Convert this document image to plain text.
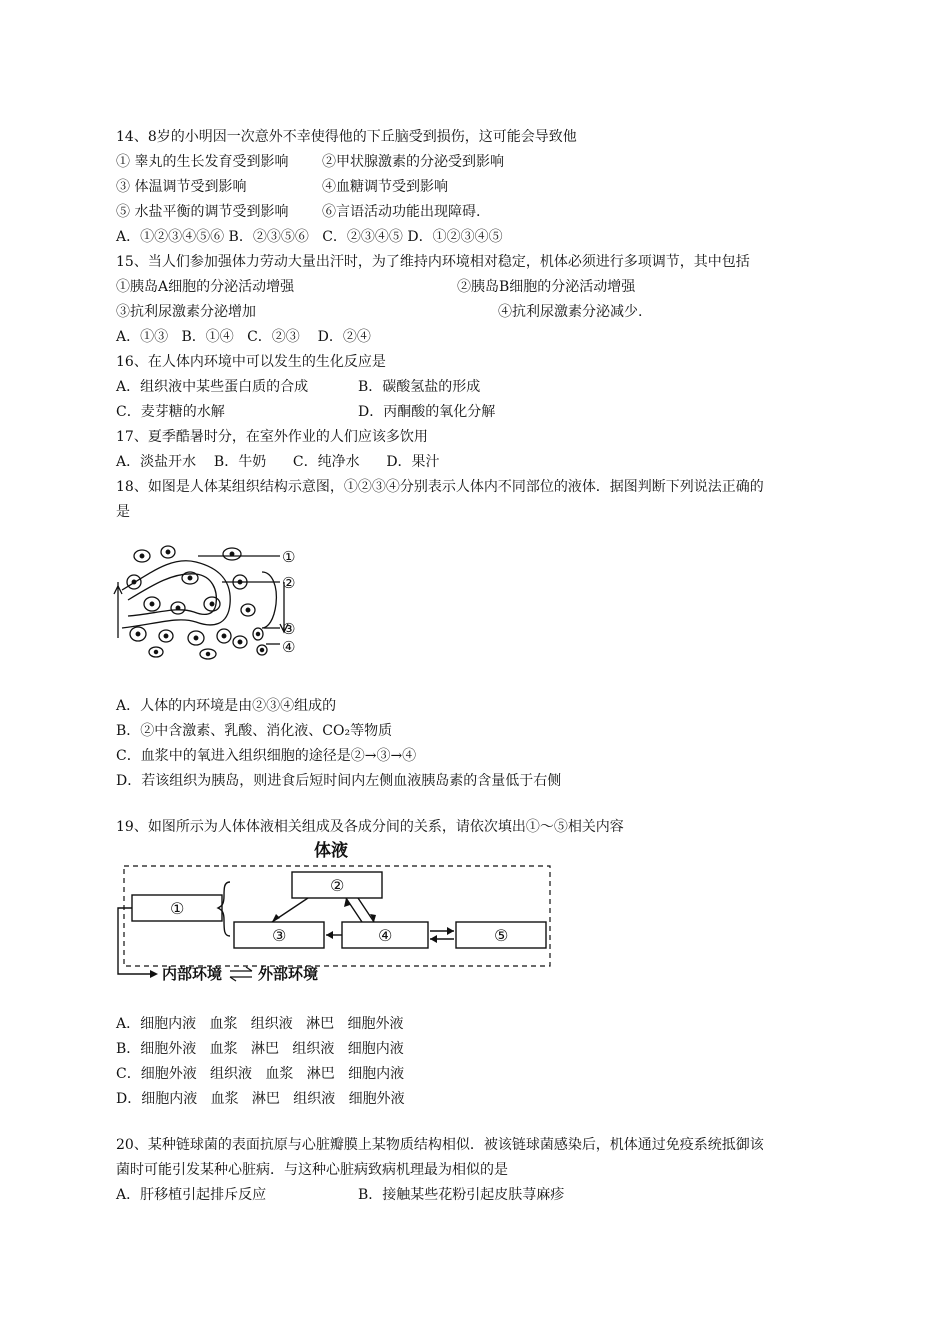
14、8岁的小明因一次意外不幸使得他的下丘脑受到损伤，这可能会导致他
① 睾丸的生长发育受到影响 ②甲状腺激素的分泌受到影响
③ 体温调节受到影响	④血糖调节受到影响
⑤ 水盐平衡的调节受到影响 ⑥言语活动功能出现障碍.
A．①②③④⑤⑥ B．②③⑤⑥   C．②③④⑤ D．①②③④⑤
15、当人们参加强体力劳动大量出汗时，为了维持内环境相对稳定，机体必须进行多项调节，其中包括
①胰岛A细胞的分泌活动增强	②胰岛B细胞的分泌活动增强
③抗利尿激素分泌增加	④抗利尿激素分泌减少.
A．①③   B．①④   C．②③    D．②④
16、在人体内环境中可以发生的生化反应是
A．组织液中某些蛋白质的合成	B．碳酸氢盐的形成
C．麦芽糖的水解	D．丙酮酸的氧化分解
17、夏季酷暑时分，在室外作业的人们应该多饮用
A．淡盐开水    B．牛奶      C．纯净水      D．果汁
18、如图是人体某组织结构示意图，①②③④分别表示人体内不同部位的液体．据图判断下列说法正确的
是
①
②
③
④
A．人体的内环境是由②③④组成的
B．②中含激素、乳酸、消化液、CO₂等物质
C．血浆中的氧进入组织细胞的途径是②→③→④
D．若该组织为胰岛，则进食后短时间内左侧血液胰岛素的含量低于右侧
19、如图所示为人体体液相关组成及各成分间的关系，请依次填出①～⑤相关内容
体液
②
①
③	④	⑤
内部环境 外部环境
A．细胞内液   血浆   组织液   淋巴   细胞外液
B．细胞外液   血浆   淋巴   组织液   细胞内液
C．细胞外液   组织液   血浆   淋巴   细胞内液
D．细胞内液   血浆   淋巴   组织液   细胞外液
20、某种链球菌的表面抗原与心脏瓣膜上某物质结构相似．被该链球菌感染后，机体通过免疫系统抵御该
菌时可能引发某种心脏病．与这种心脏病致病机理最为相似的是
A．肝移植引起排斥反应	B．接触某些花粉引起皮肤荨麻疹
